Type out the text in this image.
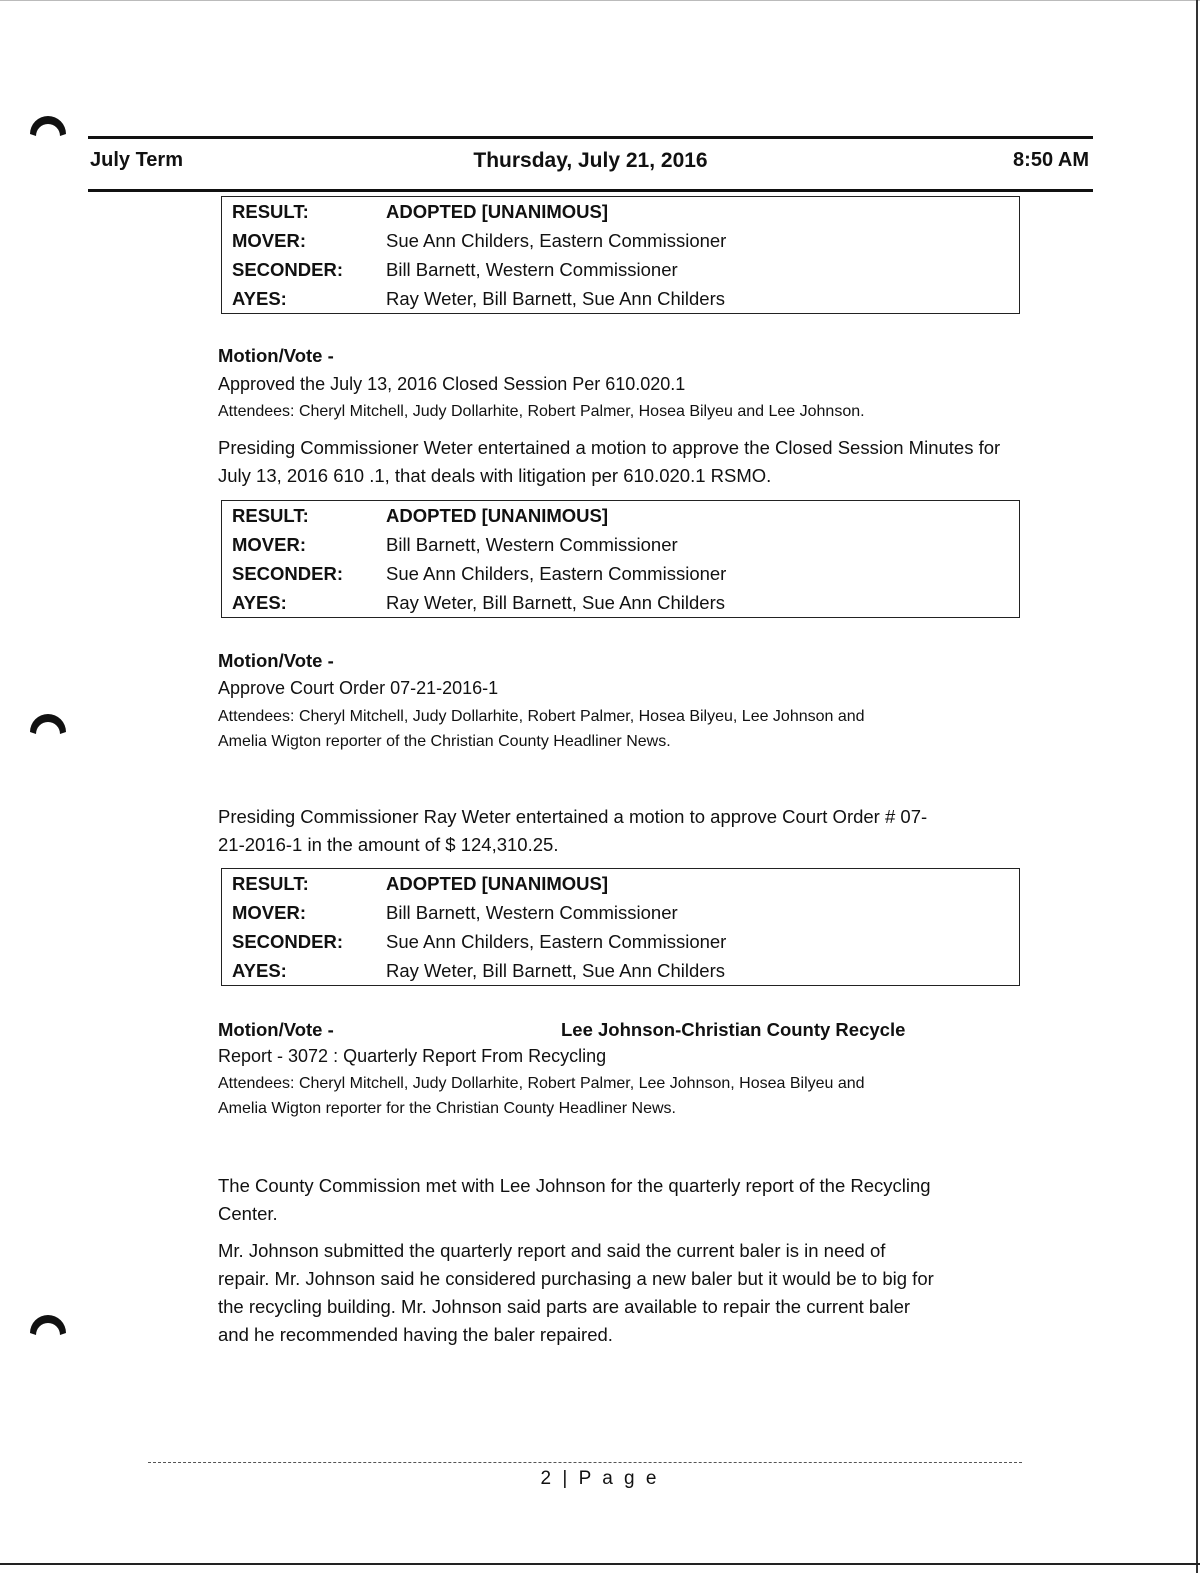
July Term	Thursday, July 21, 2016	8:50 AM
RESULT:	ADOPTED [UNANIMOUS]
MOVER:	Sue Ann Childers, Eastern Commissioner
SECONDER: Bill Barnett, Western Commissioner
AYES:	Ray Weter, Bill Barnett, Sue Ann Childers
Motion/Vote -
Approved the July 13, 2016 Closed Session Per 610.020.1
Attendees: Cheryl Mitchell, Judy Dollarhite, Robert Palmer, Hosea Bilyeu and Lee Johnson.
Presiding Commissioner Weter entertained a motion to approve the Closed Session Minutes for
July 13, 2016 610 .1, that deals with litigation per 610.020.1 RSMO.
RESULT:	ADOPTED [UNANIMOUS]
MOVER:	Bill Barnett, Western Commissioner
SECONDER: Sue Ann Childers, Eastern Commissioner
AYES:	Ray Weter, Bill Barnett, Sue Ann Childers
Motion/Vote -
Approve Court Order 07-21-2016-1
Attendees: Cheryl Mitchell, Judy Dollarhite, Robert Palmer, Hosea Bilyeu, Lee Johnson and
Amelia Wigton reporter of the Christian County Headliner News.
Presiding Commissioner Ray Weter entertained a motion to approve Court Order # 07-
21-2016-1 in the amount of $ 124,310.25.
RESULT:	ADOPTED [UNANIMOUS]
MOVER:	Bill Barnett, Western Commissioner
SECONDER: Sue Ann Childers, Eastern Commissioner
AYES:	Ray Weter, Bill Barnett, Sue Ann Childers
Motion/Vote -	Lee Johnson-Christian County Recycle
Report - 3072 : Quarterly Report From Recycling
Attendees: Cheryl Mitchell, Judy Dollarhite, Robert Palmer, Lee Johnson, Hosea Bilyeu and
Amelia Wigton reporter for the Christian County Headliner News.
The County Commission met with Lee Johnson for the quarterly report of the Recycling
Center.
Mr. Johnson submitted the quarterly report and said the current baler is in need of
repair. Mr. Johnson said he considered purchasing a new baler but it would be to big for
the recycling building. Mr. Johnson said parts are available to repair the current baler
and he recommended having the baler repaired.
2 | P a g e
